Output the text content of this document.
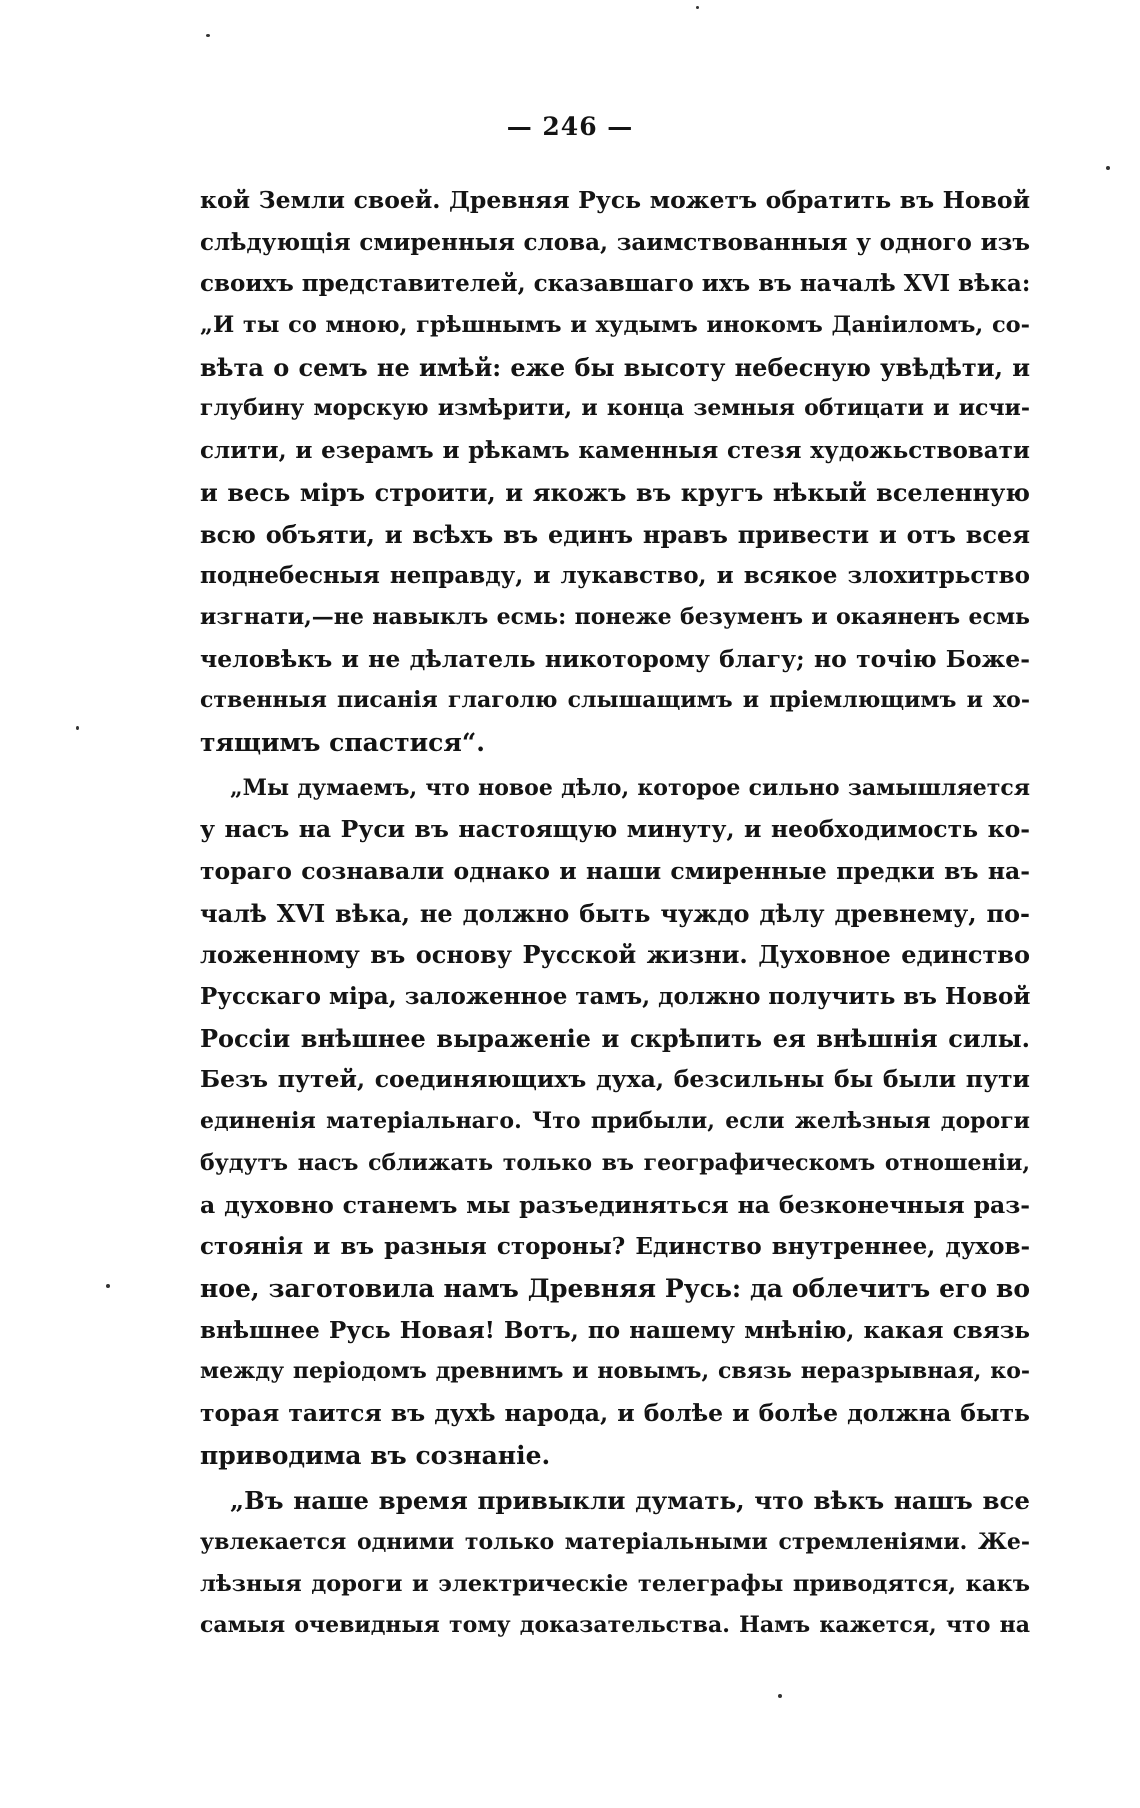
— 246 —
кой Земли своей. Древняя Русь можетъ обратить въ Новой
слѣдующія смиренныя слова, заимствованныя у одного изъ
своихъ представителей, сказавшаго ихъ въ началѣ XVI вѣка:
„И ты со мною, грѣшнымъ и худымъ инокомъ Даніиломъ, со-
вѣта о семъ не имѣй: еже бы высоту небесную увѣдѣти, и
глубину морскую измѣрити, и конца земныя обтицати и исчи-
слити, и езерамъ и рѣкамъ каменныя стезя художьствовати
и весь міръ строити, и якожъ въ кругъ нѣкый вселенную
всю объяти, и всѣхъ въ единъ нравъ привести и отъ всея
поднебесныя неправду, и лукавство, и всякое злохитрьство
изгнати,—не навыклъ есмь: понеже безуменъ и окаяненъ есмь
человѣкъ и не дѣлатель никоторому благу; но точію Боже-
ственныя писанія глаголю слышащимъ и пріемлющимъ и хо-
тящимъ спастися“.
„Мы думаемъ, что новое дѣло, которое сильно замышляется
у насъ на Руси въ настоящую минуту, и необходимость ко-
тораго сознавали однако и наши смиренные предки въ на-
чалѣ XVI вѣка, не должно быть чуждо дѣлу древнему, по-
ложенному въ основу Русской жизни. Духовное единство
Русскаго міра, заложенное тамъ, должно получить въ Новой
Россіи внѣшнее выраженіе и скрѣпить ея внѣшнія силы.
Безъ путей, соединяющихъ духа, безсильны бы были пути
единенія матеріальнаго. Что прибыли, если желѣзныя дороги
будутъ насъ сближать только въ географическомъ отношеніи,
а духовно станемъ мы разъединяться на безконечныя раз-
стоянія и въ разныя стороны? Единство внутреннее, духов-
ное, заготовила намъ Древняя Русь: да облечитъ его во
внѣшнее Русь Новая! Вотъ, по нашему мнѣнію, какая связь
между періодомъ древнимъ и новымъ, связь неразрывная, ко-
торая таится въ духѣ народа, и болѣе и болѣе должна быть
приводима въ сознаніе.
„Въ наше время привыкли думать, что вѣкъ нашъ все
увлекается одними только матеріальными стремленіями. Же-
лѣзныя дороги и электрическіе телеграфы приводятся, какъ
самыя очевидныя тому доказательства. Намъ кажется, что на
